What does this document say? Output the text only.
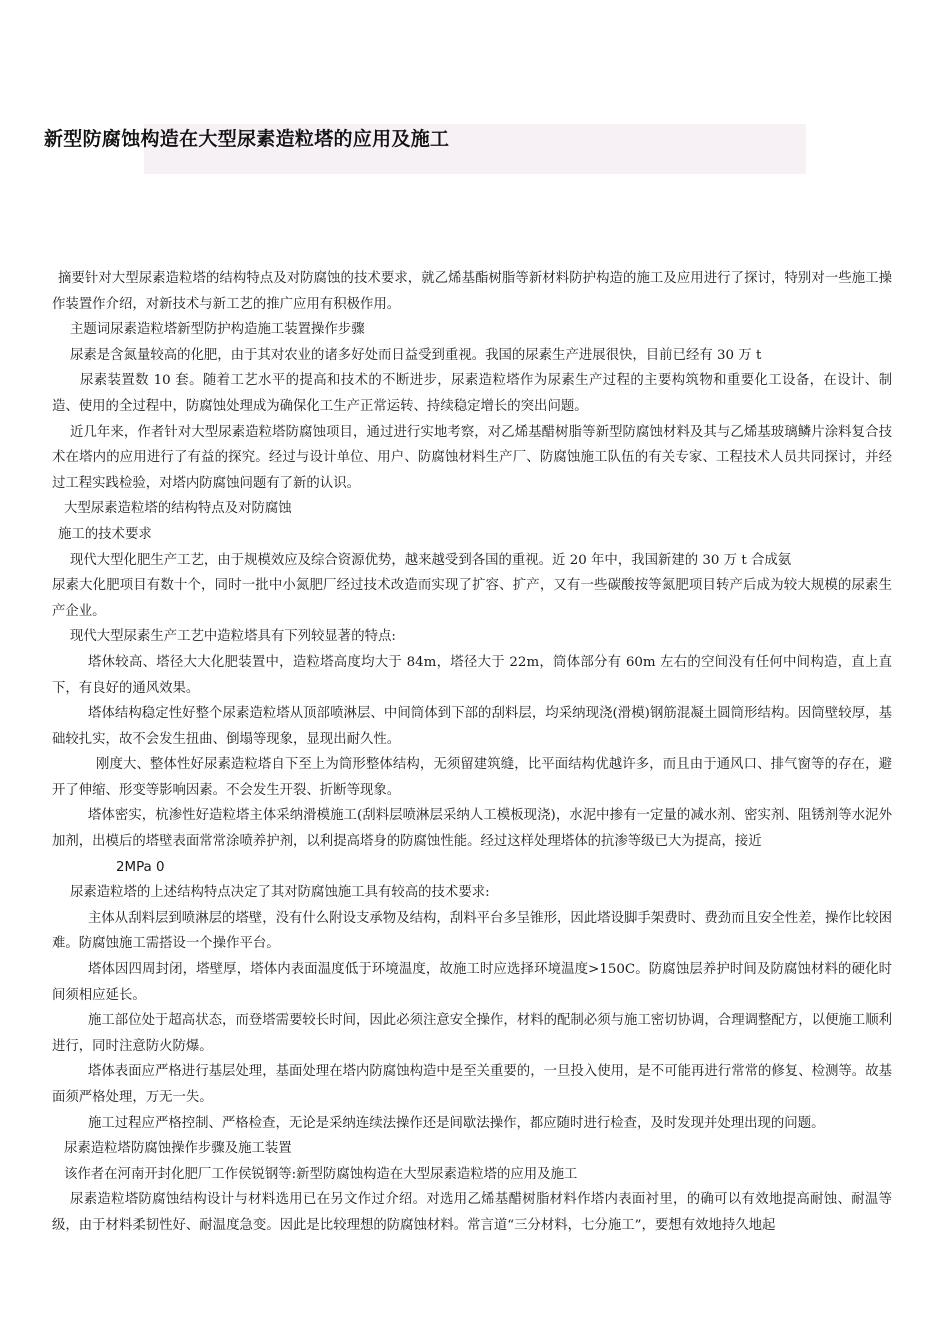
新型防腐蚀构造在大型尿素造粒塔的应用及施工

摘要针对大型尿素造粒塔的结构特点及对防腐蚀的技术要求，就乙烯基酯树脂等新材料防护构造的施工及应用进行了探讨，特别对一些施工操作装置作介绍，对新技术与新工艺的推广应用有积极作用。

主题词尿素造粒塔新型防护构造施工装置操作步骤

尿素是含氮量较高的化肥，由于其对农业的诸多好处而日益受到重视。我国的尿素生产进展很快，目前已经有 30 万 t

尿素装置数 10 套。随着工艺水平的提高和技术的不断进步，尿素造粒塔作为尿素生产过程的主要构筑物和重要化工设备，在设计、制造、使用的全过程中，防腐蚀处理成为确保化工生产正常运转、持续稳定增长的突出问题。

近几年来，作者针对大型尿素造粒塔防腐蚀项目，通过进行实地考察，对乙烯基醋树脂等新型防腐蚀材料及其与乙烯基玻璃鳞片涂料复合技术在塔内的应用进行了有益的探究。经过与设计单位、用户、防腐蚀材料生产厂、防腐蚀施工队伍的有关专家、工程技术人员共同探讨，并经过工程实践检验，对塔内防腐蚀问题有了新的认识。

大型尿素造粒塔的结构特点及对防腐蚀

施工的技术要求

现代大型化肥生产工艺，由于规模效应及综合资源优势，越来越受到各国的重视。近 20 年中，我国新建的 30 万 t 合成氨

尿素大化肥项目有数十个，同时一批中小氮肥厂经过技术改造而实现了扩容、扩产，又有一些碳酸按等氮肥项目转产后成为较大规模的尿素生产企业。

现代大型尿素生产工艺中造粒塔具有下列较显著的特点:

塔休较高、塔径大大化肥装置中，造粒塔高度均大于 84m，塔径大于 22m，筒体部分有 60m 左右的空间没有任何中间构造，直上直下，有良好的通风效果。

塔体结构稳定性好整个尿素造粒塔从顶部喷淋层、中间筒体到下部的刮料层，均采纳现浇(滑模)钢筋混凝土圆筒形结构。因筒壁较厚，基础较扎实，故不会发生扭曲、倒塌等现象，显现出耐久性。

刚度大、整体性好尿素造粒塔自下至上为筒形整体结构，无须留建筑缝，比平面结构优越许多，而且由于通风口、排气窗等的存在，避开了伸缩、形变等影响因素。不会发生开裂、折断等现象。

塔体密实，杭渗性好造粒塔主体采纳滑模施工(刮料层喷淋层采纳人工模板现浇)，水泥中掺有一定量的减水剂、密实剂、阻锈剂等水泥外加剂，出模后的塔壁表面常常涂喷养护剂，以利提高塔身的防腐蚀性能。经过这样处理塔体的抗渗等级已大为提高，接近

2MPa 0

尿素造粒塔的上述结构特点决定了其对防腐蚀施工具有较高的技术要求:

主体从刮料层到喷淋层的塔壁，没有什么附设支承物及结构，刮料平台多呈锥形，因此塔设脚手架费时、费劲而且安全性差，操作比较困难。防腐蚀施工需搭设一个操作平台。

塔体因四周封闭，塔壁厚，塔体内表面温度低于环境温度，故施工时应选择环境温度>150C。防腐蚀层养护时间及防腐蚀材料的硬化时间须相应延长。

施工部位处于超高状态，而登塔需要较长时间，因此必须注意安全操作，材料的配制必须与施工密切协调，合理调整配方，以便施工顺利进行，同时注意防火防爆。

塔体表面应严格进行基层处理，基面处理在塔内防腐蚀构造中是至关重要的，一旦投入使用，是不可能再进行常常的修复、检测等。故基面须严格处理，万无一失。

施工过程应严格控制、严格检查，无论是采纳连续法操作还是间歇法操作，都应随时进行检查，及时发现并处理出现的问题。

尿素造粒塔防腐蚀操作步骤及施工装置

该作者在河南开封化肥厂工作侯锐钢等:新型防腐蚀构造在大型尿素造粒塔的应用及施工

尿素造粒塔防腐蚀结构设计与材料选用已在另文作过介绍。对选用乙烯基醋树脂材料作塔内表面衬里，的确可以有效地提高耐蚀、耐温等级，由于材料柔韧性好、耐温度急变。因此是比较理想的防腐蚀材料。常言道“三分材料，七分施工”，要想有效地持久地起
